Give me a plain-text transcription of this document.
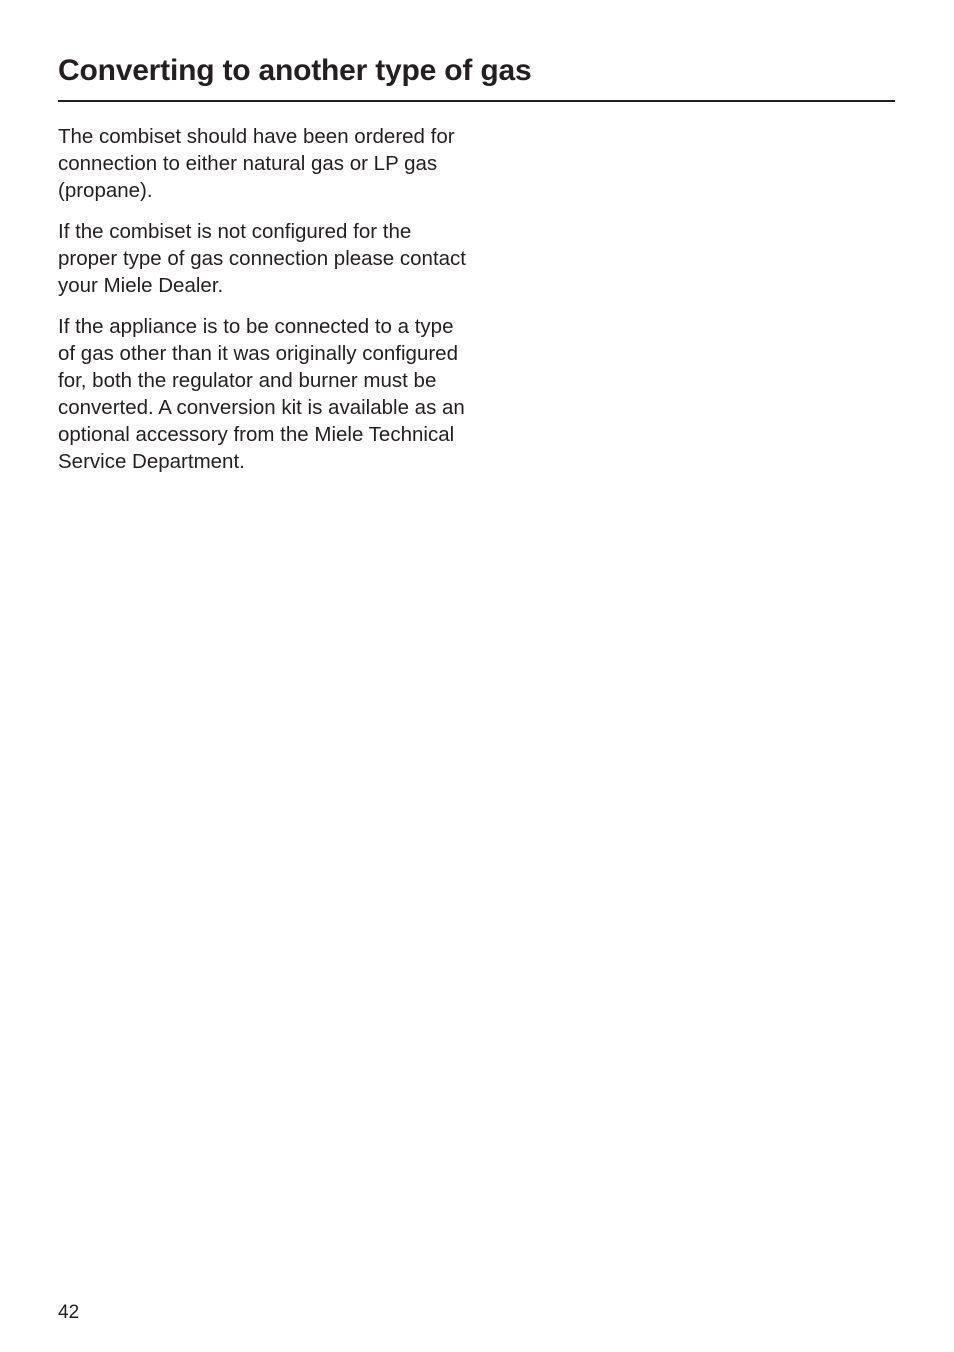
Converting to another type of gas

The combiset should have been ordered for connection to either natural gas or LP gas (propane).

If the combiset is not configured for the proper type of gas connection please contact your Miele Dealer.

If the appliance is to be connected to a type of gas other than it was originally configured for, both the regulator and burner must be converted. A conversion kit is available as an optional accessory from the Miele Technical Service Department.

42
